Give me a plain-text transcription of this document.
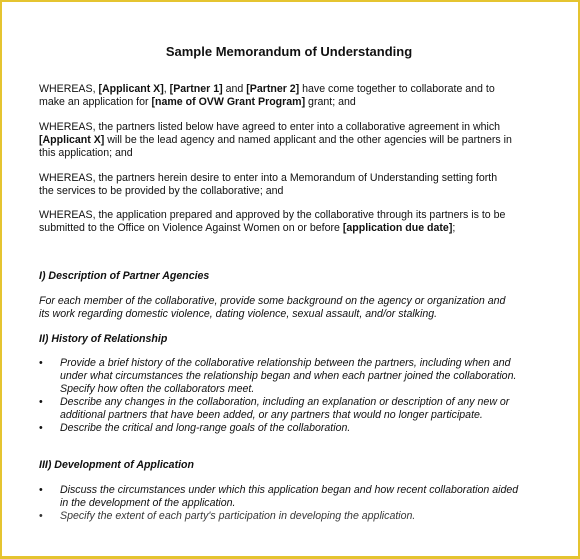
Sample Memorandum of Understanding

WHEREAS, [Applicant X], [Partner 1] and [Partner 2] have come together to collaborate and to
make an application for [name of OVW Grant Program] grant; and

WHEREAS, the partners listed below have agreed to enter into a collaborative agreement in which
[Applicant X] will be the lead agency and named applicant and the other agencies will be partners in
this application; and

WHEREAS, the partners herein desire to enter into a Memorandum of Understanding setting forth
the services to be provided by the collaborative; and

WHEREAS, the application prepared and approved by the collaborative through its partners is to be
submitted to the Office on Violence Against Women on or before [application due date];

I) Description of Partner Agencies

For each member of the collaborative, provide some background on the agency or organization and
its work regarding domestic violence, dating violence, sexual assault, and/or stalking.

II) History of Relationship

• Provide a brief history of the collaborative relationship between the partners, including when and
under what circumstances the relationship began and when each partner joined the collaboration.
Specify how often the collaborators meet.
• Describe any changes in the collaboration, including an explanation or description of any new or
additional partners that have been added, or any partners that would no longer participate.
• Describe the critical and long-range goals of the collaboration.

III) Development of Application

• Discuss the circumstances under which this application began and how recent collaboration aided
in the development of the application.
• Specify the extent of each party's participation in developing the application.
